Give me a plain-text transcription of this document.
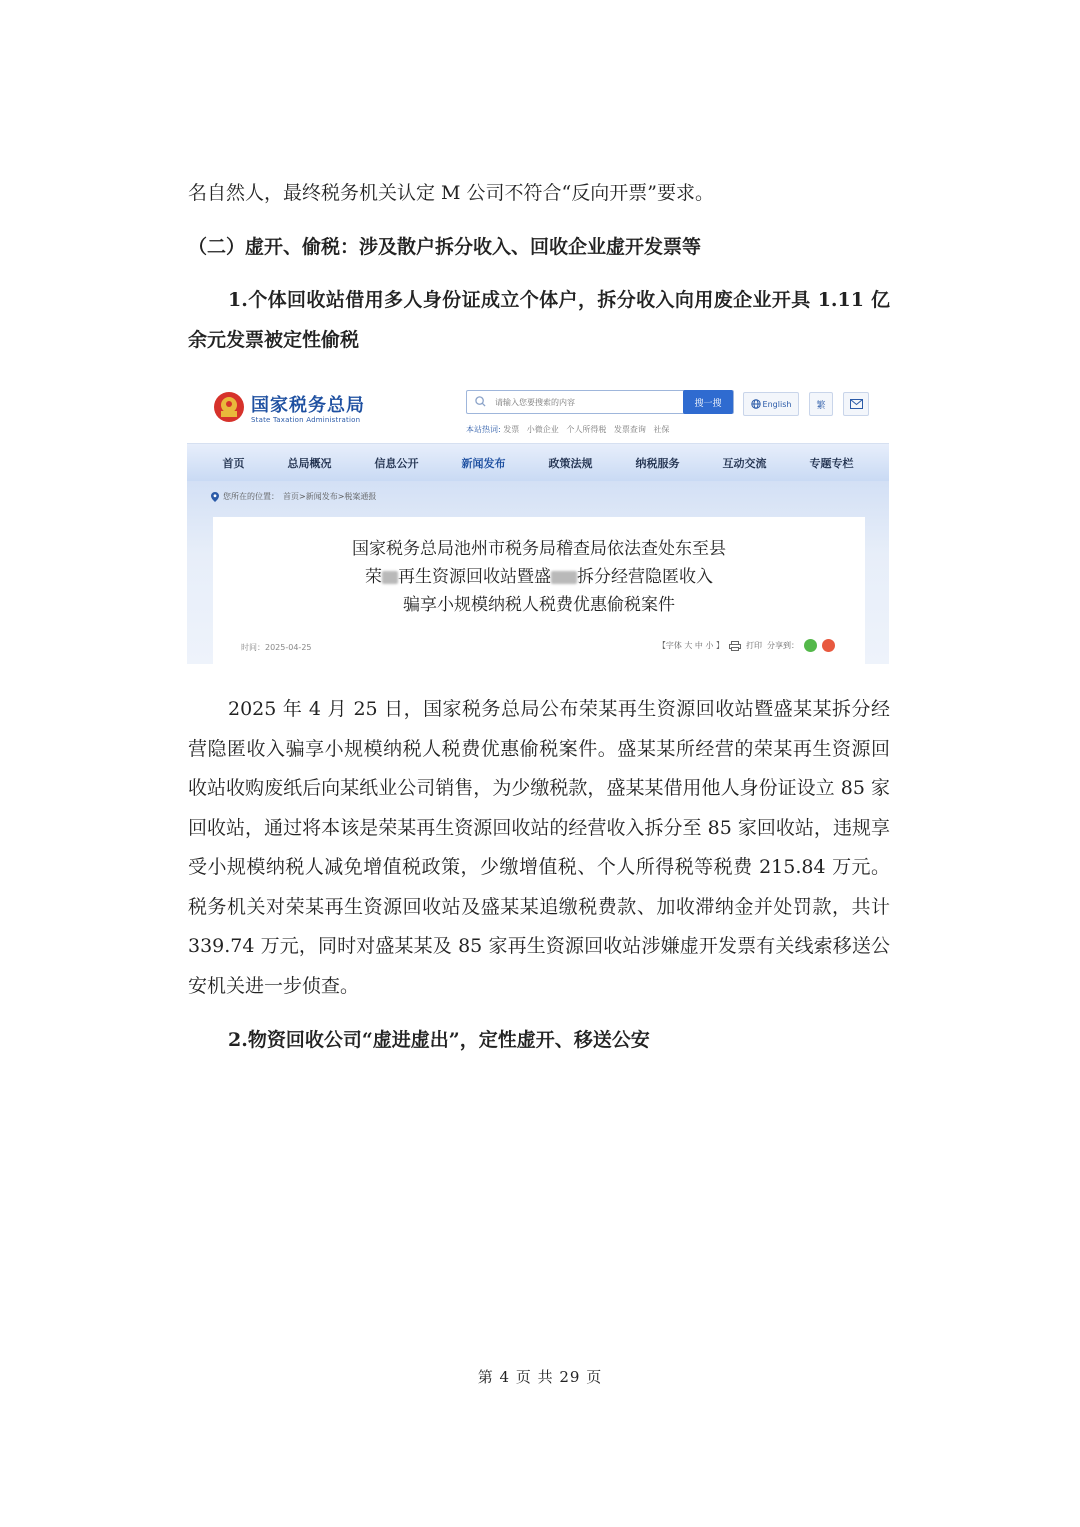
名自然人，最终税务机关认定 M 公司不符合“反向开票”要求。

（二）虚开、偷税：涉及散户拆分收入、回收企业虚开发票等

1.个体回收站借用多人身份证成立个体户，拆分收入向用废企业开具 1.11 亿余元发票被定性偷税

国家税务总局
State Taxation Administration
请输入您要搜索的内容
搜一搜	English	繁
本站热词: 发票 小微企业 个人所得税 发票查询 社保
首页	总局概况	信息公开	新闻发布	政策法规	纳税服务	互动交流	专题专栏
您所在的位置： 首页>新闻发布>税案通报
国家税务总局池州市税务局稽查局依法查处东至县
荣 再生资源回收站暨盛 拆分经营隐匿收入
骗享小规模纳税人税费优惠偷税案件
时间：2025-04-25	【字体 大 中 小 】	打印 分享到：

2025 年 4 月 25 日，国家税务总局公布荣某再生资源回收站暨盛某某拆分经营隐匿收入骗享小规模纳税人税费优惠偷税案件。盛某某所经营的荣某再生资源回收站收购废纸后向某纸业公司销售，为少缴税款，盛某某借用他人身份证设立 85 家回收站，通过将本该是荣某再生资源回收站的经营收入拆分至 85 家回收站，违规享受小规模纳税人减免增值税政策，少缴增值税、个人所得税等税费 215.84 万元。税务机关对荣某再生资源回收站及盛某某追缴税费款、加收滞纳金并处罚款，共计 339.74 万元，同时对盛某某及 85 家再生资源回收站涉嫌虚开发票有关线索移送公安机关进一步侦查。

2.物资回收公司“虚进虚出”，定性虚开、移送公安

第 4 页 共 29 页
